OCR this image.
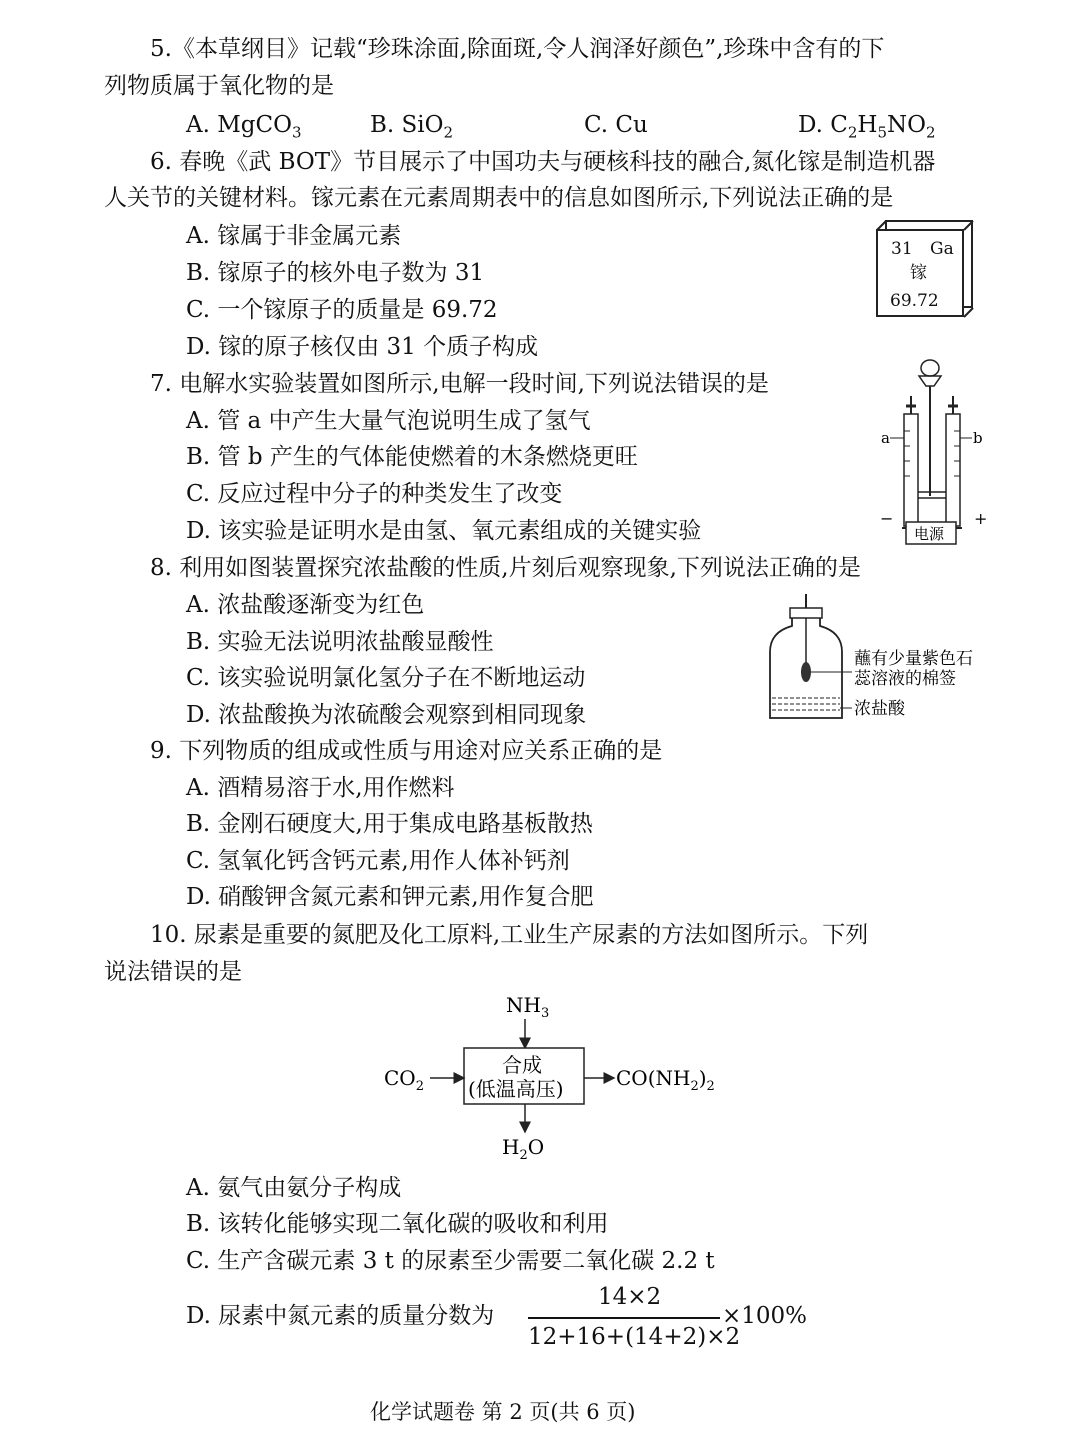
5.《本草纲目》记载“珍珠涂面,除面斑,令人润泽好颜色”,珍珠中含有的下
列物质属于氧化物的是
A. MgCO$_3$	B. SiO$_2$	C. Cu	D. $C_2H_5NO_2$
6. 春晚《武 BOT》节目展示了中国功夫与硬核科技的融合,氮化镓是制造机器
人关节的关键材料。镓元素在元素周期表中的信息如图所示,下列说法正确的是
A. 镓属于非金属元素
B. 镓原子的核外电子数为 31
C. 一个镓原子的质量是 69.72
D. 镓的原子核仅由 31 个质子构成
31 Ga
镓
69.72
7. 电解水实验装置如图所示,电解一段时间,下列说法错误的是
A. 管 a 中产生大量气泡说明生成了氢气
B. 管 b 产生的气体能使燃着的木条燃烧更旺
C. 反应过程中分子的种类发生了改变
D. 该实验是证明水是由氢、氧元素组成的关键实验
a	b
电源
−	+
8. 利用如图装置探究浓盐酸的性质,片刻后观察现象,下列说法正确的是
A. 浓盐酸逐渐变为红色
B. 实验无法说明浓盐酸显酸性
C. 该实验说明氯化氢分子在不断地运动
D. 浓盐酸换为浓硫酸会观察到相同现象
蘸有少量紫色石
蕊溶液的棉签
浓盐酸
9. 下列物质的组成或性质与用途对应关系正确的是
A. 酒精易溶于水,用作燃料
B. 金刚石硬度大,用于集成电路基板散热
C. 氢氧化钙含钙元素,用作人体补钙剂
D. 硝酸钾含氮元素和钾元素,用作复合肥
10. 尿素是重要的氮肥及化工原料,工业生产尿素的方法如图所示。下列
说法错误的是
$NH_3$
合成
(低温高压)
$CO_2$	$CO(NH_2)_2$
$H_2O$
A. 氨气由氨分子构成
B. 该转化能够实现二氧化碳的吸收和利用
C. 生产含碳元素 3 t 的尿素至少需要二氧化碳 2.2 t
D. 尿素中氮元素的质量分数为
14×2
12+16+(14+2)×2
×100%
化学试题卷 第 2 页(共 6 页)
